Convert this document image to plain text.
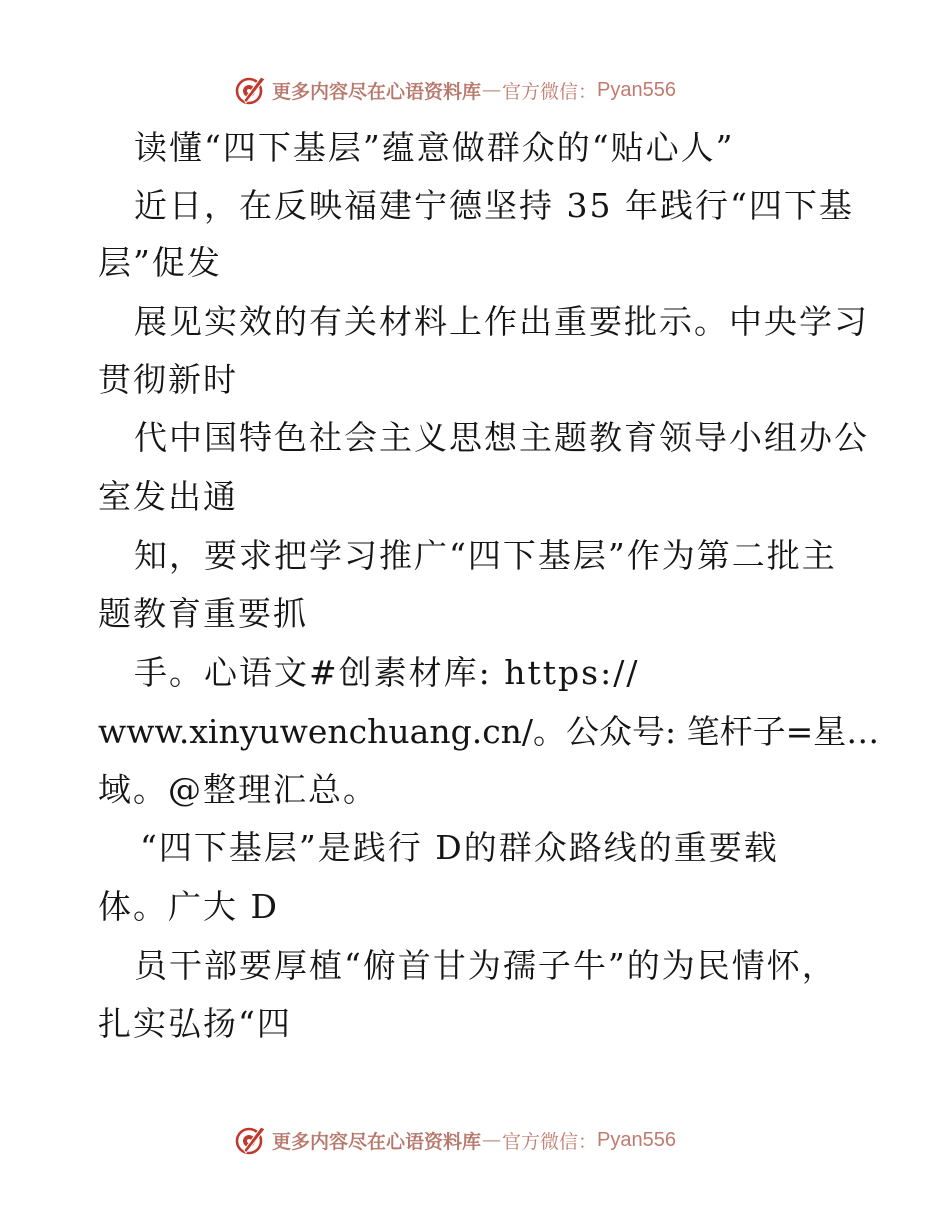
更多内容尽在心语资料库 — 官方微信： Pyan556
读懂“四下基层”蕴意做群众的“贴心人”
近日，在反映福建宁德坚持 35 年践行“四下基
层”促发
展见实效的有关材料上作出重要批示。中央学习
贯彻新时
代中国特色社会主义思想主题教育领导小组办公
室发出通
知，要求把学习推广“四下基层”作为第二批主
题教育重要抓
手。心语文#创素材库: https://
www.xinyuwenchuang.cn/。公众号: 笔杆子=星…
域。@整理汇总。
“四下基层”是践行 D的群众路线的重要载
体。广大 D
员干部要厚植“俯首甘为孺子牛”的为民情怀，
扎实弘扬“四
更多内容尽在心语资料库 — 官方微信： Pyan556
